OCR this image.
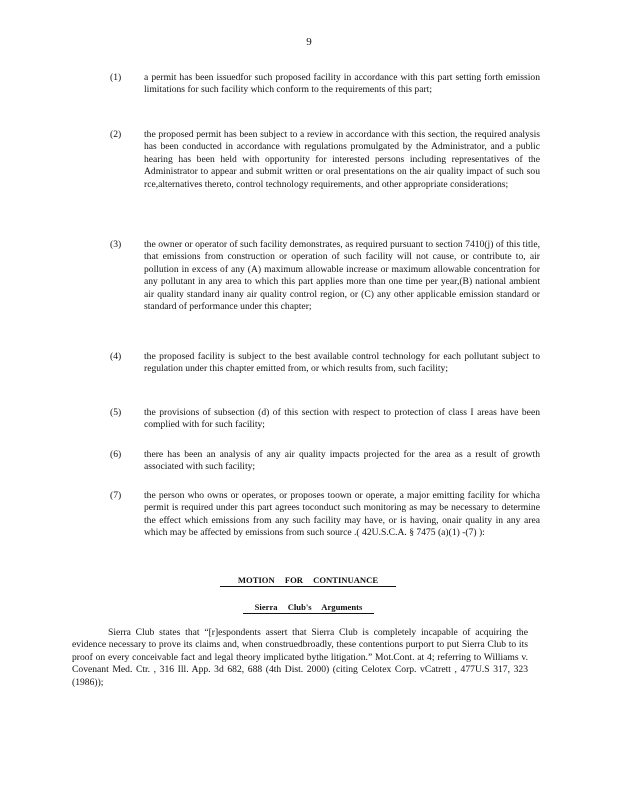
9
(1)	a permit has been issuedfor such proposed facility in accordance with this part setting forth emission limitations for such facility which conform to the requirements of this part;
(2)	the proposed permit has been subject to a review in accordance with this section, the required analysis has been conducted in accordance with regulations promulgated by the Administrator, and a public hearing has been held with opportunity for interested persons including representatives of the Administrator to appear and submit written or oral presentations on the air quality impact of such sou rce,alternatives thereto, control technology requirements, and other appropriate considerations;
(3)	the owner or operator of such facility demonstrates, as required pursuant to section 7410(j) of this title, that emissions from construction or operation of such facility will not cause, or contribute to, air pollution in excess of any (A) maximum allowable increase or maximum allowable concentration for any pollutant in any area to which this part applies more than one time per year,(B) national ambient air quality standard inany air quality control region, or (C) any other applicable emission standard or standard of performance under this chapter;
(4)	the proposed facility is subject to the best available control technology for each pollutant subject to regulation under this chapter emitted from, or which results from, such facility;
(5)	the provisions of subsection (d) of this section with respect to protection of class I areas have been complied with for such facility;
(6)	there has been an analysis of any air quality impacts projected for the area as a result of growth associated with such facility;
(7)	the person who owns or operates, or proposes toown or operate, a major emitting facility for whicha permit is required under this part agrees toconduct such monitoring as may be necessary to determine the effect which emissions from any such facility may have, or is having, onair quality in any area which may be affected by emissions from such source .( 42U.S.C.A. § 7475 (a)(1) -(7) ):
MOTION FOR CONTINUANCE
Sierra Club's Arguments
Sierra Club states that “[r]espondents assert that Sierra Club is completely incapable of acquiring the evidence necessary to prove its claims and, when construedbroadly, these contentions purport to put Sierra Club to its proof on every conceivable fact and legal theory implicated bythe litigation.” Mot.Cont. at 4; referring to Williams v. Covenant Med. Ctr. , 316 Ill. App. 3d 682, 688 (4th Dist. 2000) (citing Celotex Corp. vCatrett , 477U.S 317, 323 (1986));
